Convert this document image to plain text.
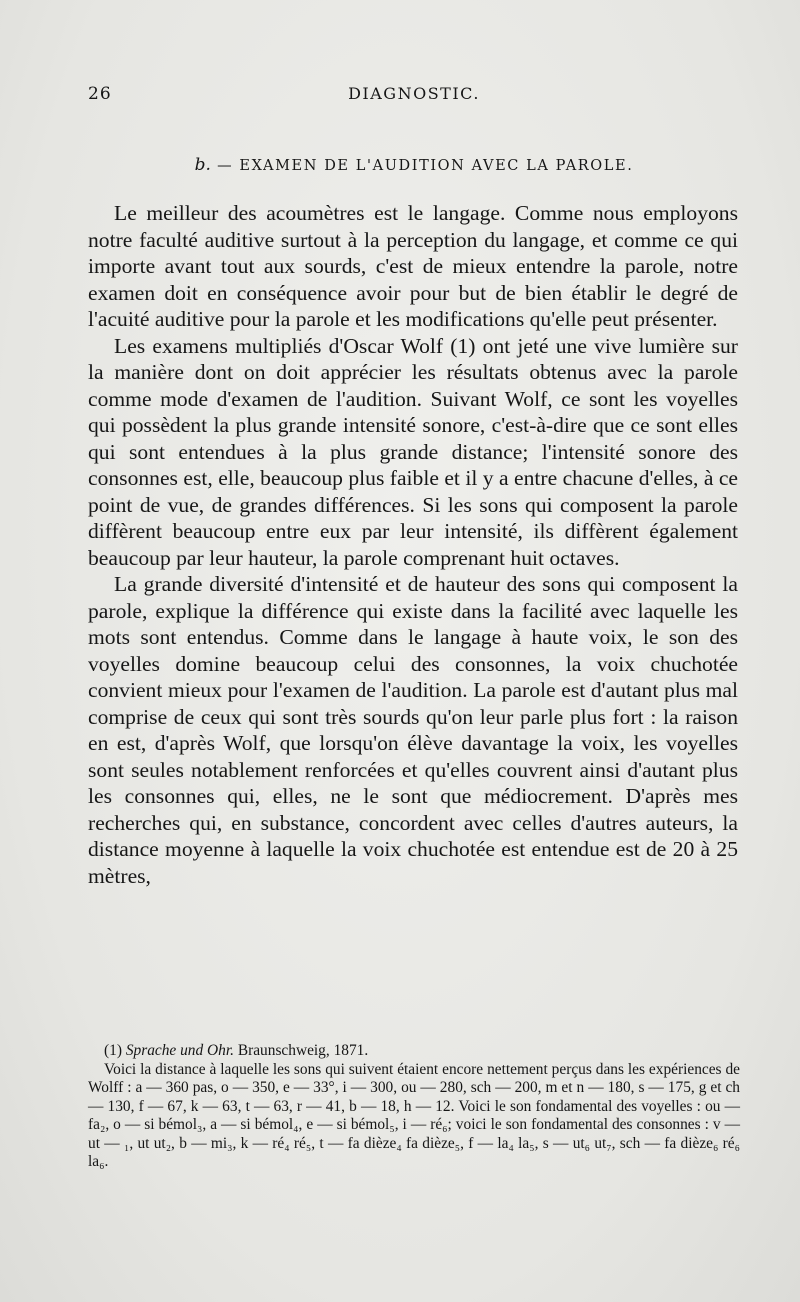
26	DIAGNOSTIC.
b. — EXAMEN DE L'AUDITION AVEC LA PAROLE.

Le meilleur des acoumètres est le langage. Comme nous employons notre faculté auditive surtout à la perception du langage, et comme ce qui importe avant tout aux sourds, c'est de mieux entendre la parole, notre examen doit en conséquence avoir pour but de bien établir le degré de l'acuité auditive pour la parole et les modifications qu'elle peut présenter.

Les examens multipliés d'Oscar Wolf (1) ont jeté une vive lumière sur la manière dont on doit apprécier les résultats obtenus avec la parole comme mode d'examen de l'audition. Suivant Wolf, ce sont les voyelles qui possèdent la plus grande intensité sonore, c'est-à-dire que ce sont elles qui sont entendues à la plus grande distance; l'intensité sonore des consonnes est, elle, beaucoup plus faible et il y a entre chacune d'elles, à ce point de vue, de grandes différences. Si les sons qui composent la parole diffèrent beaucoup entre eux par leur intensité, ils diffèrent également beaucoup par leur hauteur, la parole comprenant huit octaves.

La grande diversité d'intensité et de hauteur des sons qui composent la parole, explique la différence qui existe dans la facilité avec laquelle les mots sont entendus. Comme dans le langage à haute voix, le son des voyelles domine beaucoup celui des consonnes, la voix chuchotée convient mieux pour l'examen de l'audition. La parole est d'autant plus mal comprise de ceux qui sont très sourds qu'on leur parle plus fort : la raison en est, d'après Wolf, que lorsqu'on élève davantage la voix, les voyelles sont seules notablement renforcées et qu'elles couvrent ainsi d'autant plus les consonnes qui, elles, ne le sont que médiocrement. D'après mes recherches qui, en substance, concordent avec celles d'autres auteurs, la distance moyenne à laquelle la voix chuchotée est entendue est de 20 à 25 mètres,

(1) Sprache und Ohr. Braunschweig, 1871.

Voici la distance à laquelle les sons qui suivent étaient encore nettement perçus dans les expériences de Wolff : a — 360 pas, o — 350, e — 33°, i — 300, ou — 280, sch — 200, m et n — 180, s — 175, g et ch — 130, f — 67, k — 63, t — 63, r — 41, b — 18, h — 12. Voici le son fondamental des voyelles : ou — fa₂, o — si bémol₃, a — si bémol₄, e — si bémol₅, i — ré₆; voici le son fondamental des consonnes : v — ut — ₁, ut ut₂, b — mi₃, k — ré₄ ré₅, t — fa dièze₄ fa dièze₅, f — la₄ la₅, s — ut₆ ut₇, sch — fa dièze₆ ré₆ la₆.
